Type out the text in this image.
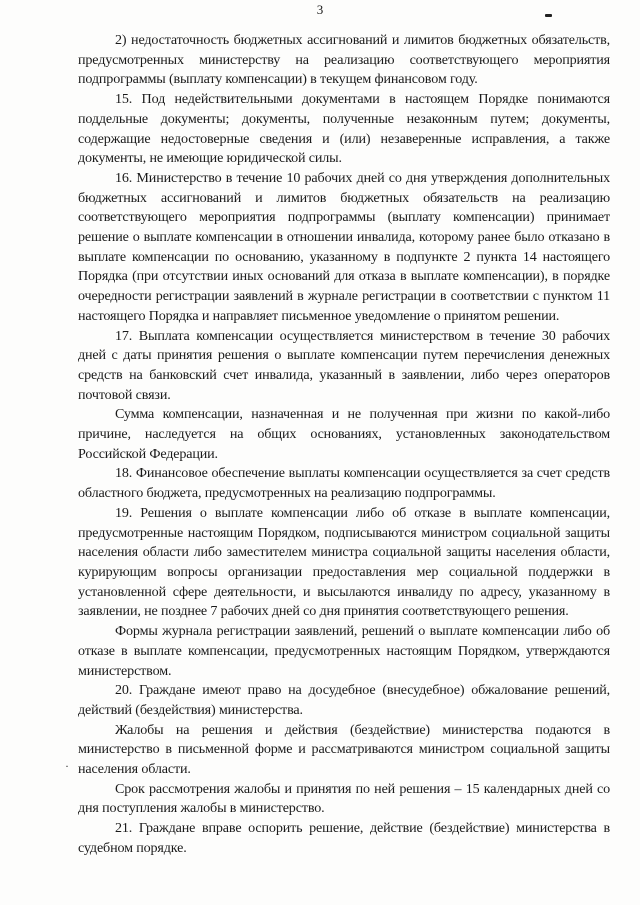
3
·

2) недостаточность бюджетных ассигнований и лимитов бюджетных обязательств, предусмотренных министерству на реализацию соответствующего мероприятия подпрограммы (выплату компенсации) в текущем финансовом году.

15. Под недействительными документами в настоящем Порядке понимаются поддельные документы; документы, полученные незаконным путем; документы, содержащие недостоверные сведения и (или) незаверенные исправления, а также документы, не имеющие юридической силы.

16. Министерство в течение 10 рабочих дней со дня утверждения дополнительных бюджетных ассигнований и лимитов бюджетных обязательств на реализацию соответствующего мероприятия подпрограммы (выплату компенсации) принимает решение о выплате компенсации в отношении инвалида, которому ранее было отказано в выплате компенсации по основанию, указанному в подпункте 2 пункта 14 настоящего Порядка (при отсутствии иных оснований для отказа в выплате компенсации), в порядке очередности регистрации заявлений в журнале регистрации в соответствии с пунктом 11 настоящего Порядка и направляет письменное уведомление о принятом решении.

17. Выплата компенсации осуществляется министерством в течение 30 рабочих дней с даты принятия решения о выплате компенсации путем перечисления денежных средств на банковский счет инвалида, указанный в заявлении, либо через операторов почтовой связи.

Сумма компенсации, назначенная и не полученная при жизни по какой-либо причине, наследуется на общих основаниях, установленных законодательством Российской Федерации.

18. Финансовое обеспечение выплаты компенсации осуществляется за счет средств областного бюджета, предусмотренных на реализацию подпрограммы.

19. Решения о выплате компенсации либо об отказе в выплате компенсации, предусмотренные настоящим Порядком, подписываются министром социальной защиты населения области либо заместителем министра социальной защиты населения области, курирующим вопросы организации предоставления мер социальной поддержки в установленной сфере деятельности, и высылаются инвалиду по адресу, указанному в заявлении, не позднее 7 рабочих дней со дня принятия соответствующего решения.

Формы журнала регистрации заявлений, решений о выплате компенсации либо об отказе в выплате компенсации, предусмотренных настоящим Порядком, утверждаются министерством.

20. Граждане имеют право на досудебное (внесудебное) обжалование решений, действий (бездействия) министерства.

Жалобы на решения и действия (бездействие) министерства подаются в министерство в письменной форме и рассматриваются министром социальной защиты населения области.

Срок рассмотрения жалобы и принятия по ней решения – 15 календарных дней со дня поступления жалобы в министерство.

21. Граждане вправе оспорить решение, действие (бездействие) министерства в судебном порядке.
